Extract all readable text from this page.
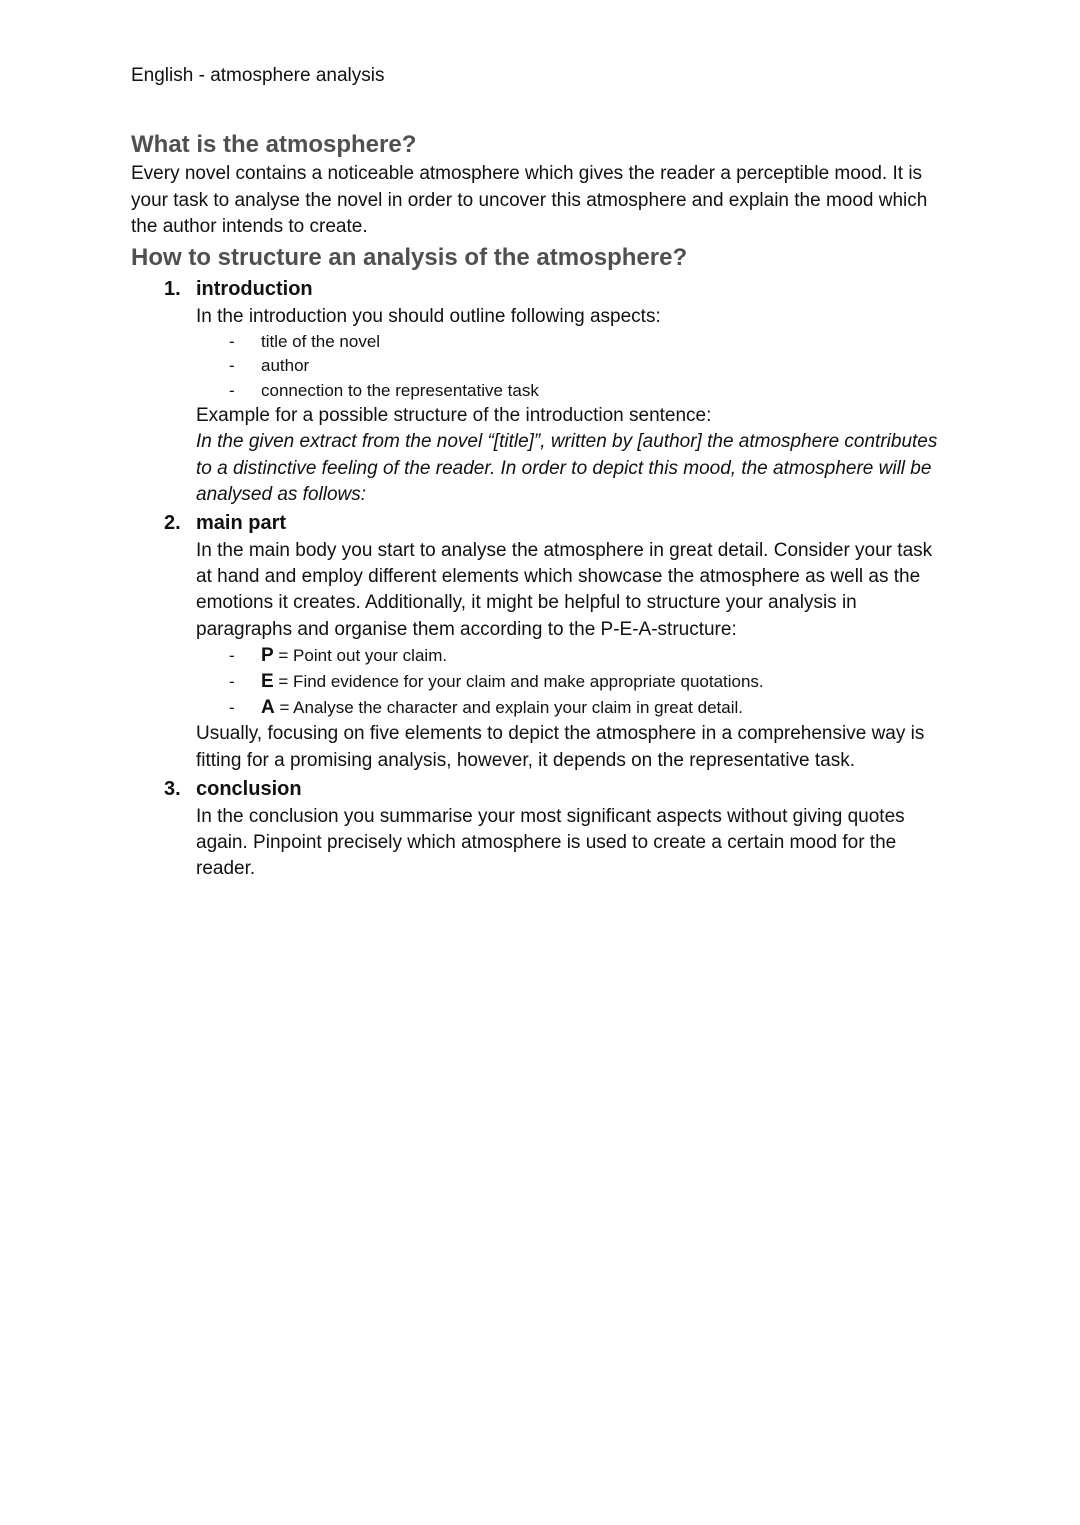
English - atmosphere analysis
What is the atmosphere?

Every novel contains a noticeable atmosphere which gives the reader a perceptible mood. It is your task to analyse the novel in order to uncover this atmosphere and explain the mood which the author intends to create.

How to structure an analysis of the atmosphere?
1. introduction

In the introduction you should outline following aspects:

- title of the novel
- author
- connection to the representative task

Example for a possible structure of the introduction sentence:

In the given extract from the novel “[title]”, written by [author] the atmosphere contributes to a distinctive feeling of the reader. In order to depict this mood, the atmosphere will be analysed as follows:

2. main part

In the main body you start to analyse the atmosphere in great detail. Consider your task at hand and employ different elements which showcase the atmosphere as well as the emotions it creates. Additionally, it might be helpful to structure your analysis in paragraphs and organise them according to the P-E-A-structure:

- P = Point out your claim.
- E = Find evidence for your claim and make appropriate quotations.
- A = Analyse the character and explain your claim in great detail.

Usually, focusing on five elements to depict the atmosphere in a comprehensive way is fitting for a promising analysis, however, it depends on the representative task.

3. conclusion

In the conclusion you summarise your most significant aspects without giving quotes again. Pinpoint precisely which atmosphere is used to create a certain mood for the reader.
